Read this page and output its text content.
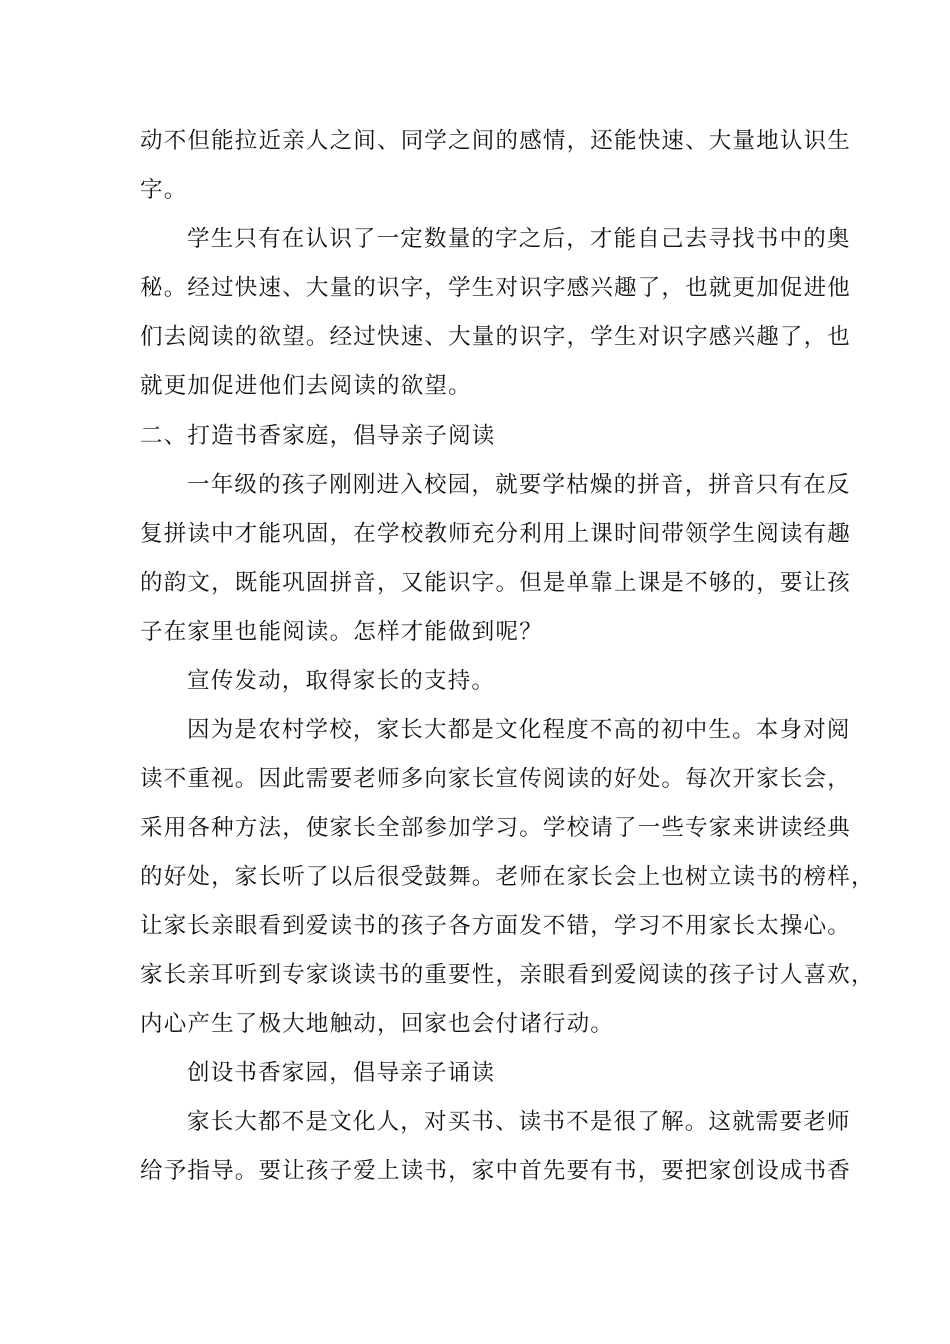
动不但能拉近亲人之间、同学之间的感情，还能快速、大量地认识生
字。
学生只有在认识了一定数量的字之后，才能自己去寻找书中的奥
秘。经过快速、大量的识字，学生对识字感兴趣了，也就更加促进他
们去阅读的欲望。经过快速、大量的识字，学生对识字感兴趣了，也
就更加促进他们去阅读的欲望。
二、打造书香家庭，倡导亲子阅读
一年级的孩子刚刚进入校园，就要学枯燥的拼音，拼音只有在反
复拼读中才能巩固，在学校教师充分利用上课时间带领学生阅读有趣
的韵文，既能巩固拼音，又能识字。但是单靠上课是不够的，要让孩
子在家里也能阅读。怎样才能做到呢？
宣传发动，取得家长的支持。
因为是农村学校，家长大都是文化程度不高的初中生。本身对阅
读不重视。因此需要老师多向家长宣传阅读的好处。每次开家长会，
采用各种方法，使家长全部参加学习。学校请了一些专家来讲读经典
的好处，家长听了以后很受鼓舞。老师在家长会上也树立读书的榜样，
让家长亲眼看到爱读书的孩子各方面发不错，学习不用家长太操心。
家长亲耳听到专家谈读书的重要性，亲眼看到爱阅读的孩子讨人喜欢，
内心产生了极大地触动，回家也会付诸行动。
创设书香家园，倡导亲子诵读
家长大都不是文化人，对买书、读书不是很了解。这就需要老师
给予指导。要让孩子爱上读书，家中首先要有书，要把家创设成书香
